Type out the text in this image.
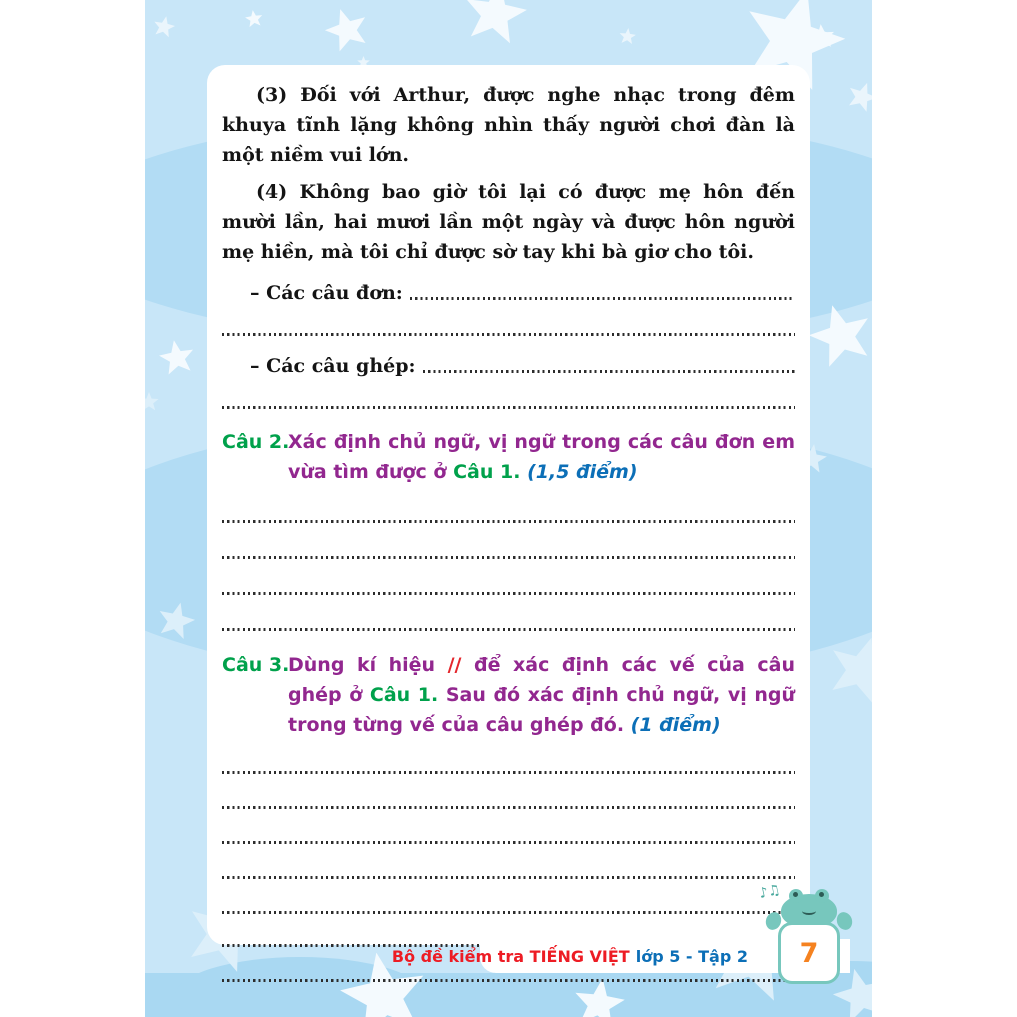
(3) Đối với Arthur, được nghe nhạc trong đêm khuya tĩnh lặng không nhìn thấy người chơi đàn là một niềm vui lớn.

(4) Không bao giờ tôi lại có được mẹ hôn đến mười lần, hai mươi lần một ngày và được hôn người mẹ hiền, mà tôi chỉ được sờ tay khi bà giơ cho tôi.

– Các câu đơn:
– Các câu ghép:
Câu 2.
Xác định chủ ngữ, vị ngữ trong các câu đơn em vừa tìm được ở Câu 1. (1,5 điểm)
Câu 3.
Dùng kí hiệu // để xác định các vế của câu ghép ở Câu 1. Sau đó xác định chủ ngữ, vị ngữ trong từng vế của câu ghép đó. (1 điểm)
Bộ đề kiểm tra TIẾNG VIỆT lớp 5 - Tập 2
♪♫
7
